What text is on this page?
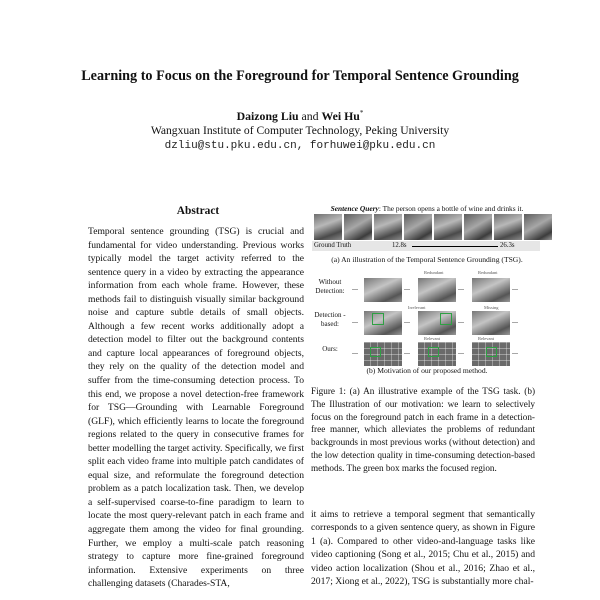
Learning to Focus on the Foreground for Temporal Sentence Grounding
Daizong Liu and Wei Hu*
Wangxuan Institute of Computer Technology, Peking University
dzliu@stu.pku.edu.cn, forhuwei@pku.edu.cn
Abstract

Temporal sentence grounding (TSG) is crucial and fundamental for video understanding. Previous works typically model the target activity referred to the sentence query in a video by extracting the appearance information from each whole frame. However, these methods fail to distinguish visually similar background noise and capture subtle details of small objects. Although a few recent works additionally adopt a detection model to filter out the background contents and capture local appearances of foreground objects, they rely on the quality of the detection model and suffer from the time-consuming detection process. To this end, we propose a novel detection-free framework for TSG—Grounding with Learnable Foreground (GLF), which efficiently learns to locate the foreground regions related to the query in consecutive frames for better modelling the target activity. Specifically, we first split each video frame into multiple patch candidates of equal size, and reformulate the foreground detection problem as a patch localization task. Then, we develop a self-supervised coarse-to-fine paradigm to learn to locate the most query-relevant patch in each frame and aggregate them among the video for final grounding. Further, we employ a multi-scale patch reasoning strategy to capture more fine-grained foreground information. Extensive experiments on three challenging datasets (Charades-STA,

Sentence Query: The person opens a bottle of wine and drinks it.
Ground Truth	12.8s	26.3s
(a) An illustration of the Temporal Sentence Grounding (TSG).
Without Detection:
Detection -based:
Ours:
...	...
Redundant
...
Redundant
...
...	...
Irrelevant
...
Missing
...
...	...
Relevant
...
Relevant
...
(b) Motivation of our proposed method.

Figure 1: (a) An illustrative example of the TSG task. (b) The Illustration of our motivation: we learn to selectively focus on the foreground patch in each frame in a detection-free manner, which alleviates the problems of redundant backgrounds in most previous works (without detection) and the low detection quality in time-consuming detection-based methods. The green box marks the focused region.

it aims to retrieve a temporal segment that semantically corresponds to a given sentence query, as shown in Figure 1 (a). Compared to other video-and-language tasks like video captioning (Song et al., 2015; Chu et al., 2015) and video action localization (Shou et al., 2016; Zhao et al., 2017; Xiong et al., 2022), TSG is substantially more chal-
